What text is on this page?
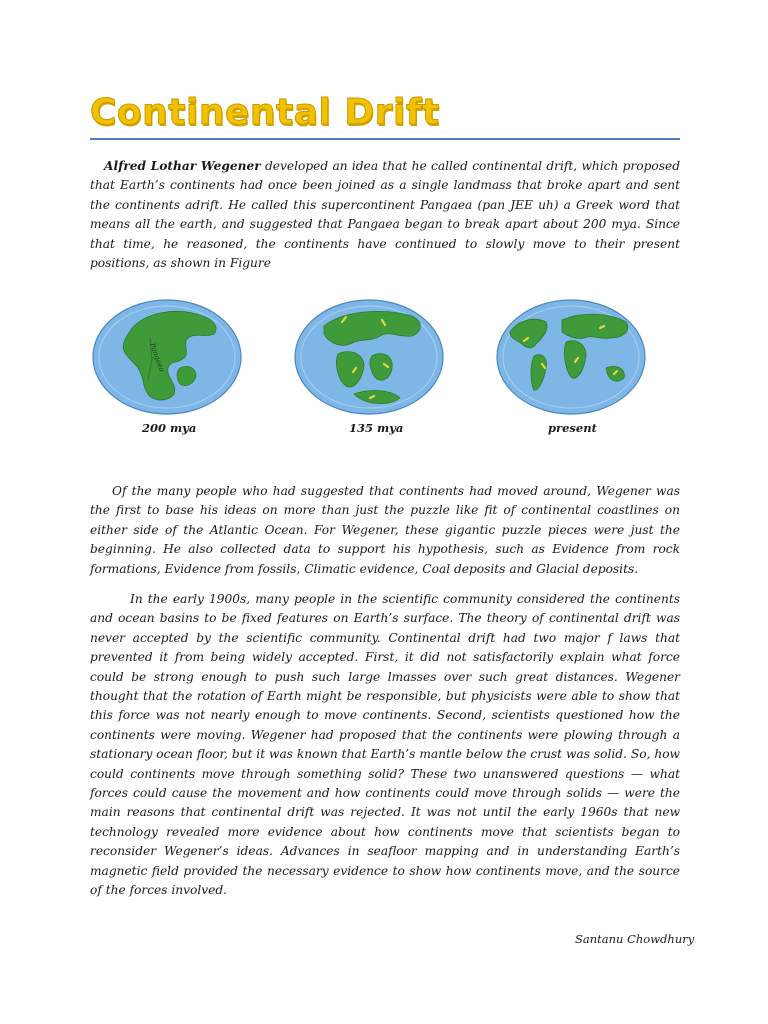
Continental Drift

Alfred Lothar Wegener developed an idea that he called continental drift, which proposed that Earth’s continents had once been joined as a single landmass that broke apart and sent the continents adrift. He called this supercontinent Pangaea (pan JEE uh) a Greek word that means all the earth, and suggested that Pangaea began to break apart about 200 mya. Since that time, he reasoned, the continents have continued to slowly move to their present positions, as shown in Figure

Pangaea
200 mya	135 mya	present

Of the many people who had suggested that continents had moved around, Wegener was the first to base his ideas on more than just the puzzle like fit of continental coastlines on either side of the Atlantic Ocean. For Wegener, these gigantic puzzle pieces were just the beginning. He also collected data to support his hypothesis, such as Evidence from rock formations, Evidence from fossils, Climatic evidence, Coal deposits and Glacial deposits.

In the early 1900s, many people in the scientific community considered the continents and ocean basins to be fixed features on Earth’s surface. The theory of continental drift was never accepted by the scientific community. Continental drift had two major f laws that prevented it from being widely accepted. First, it did not satisfactorily explain what force could be strong enough to push such large lmasses over such great distances. Wegener thought that the rotation of Earth might be responsible, but physicists were able to show that this force was not nearly enough to move continents. Second, scientists questioned how the continents were moving. Wegener had proposed that the continents were plowing through a stationary ocean floor, but it was known that Earth’s mantle below the crust was solid. So, how could continents move through something solid? These two unanswered questions — what forces could cause the movement and how continents could move through solids — were the main reasons that continental drift was rejected. It was not until the early 1960s that new technology revealed more evidence about how continents move that scientists began to reconsider Wegener’s ideas. Advances in seafloor mapping and in understanding Earth’s magnetic field provided the necessary evidence to show how continents move, and the source of the forces involved.

Santanu Chowdhury
